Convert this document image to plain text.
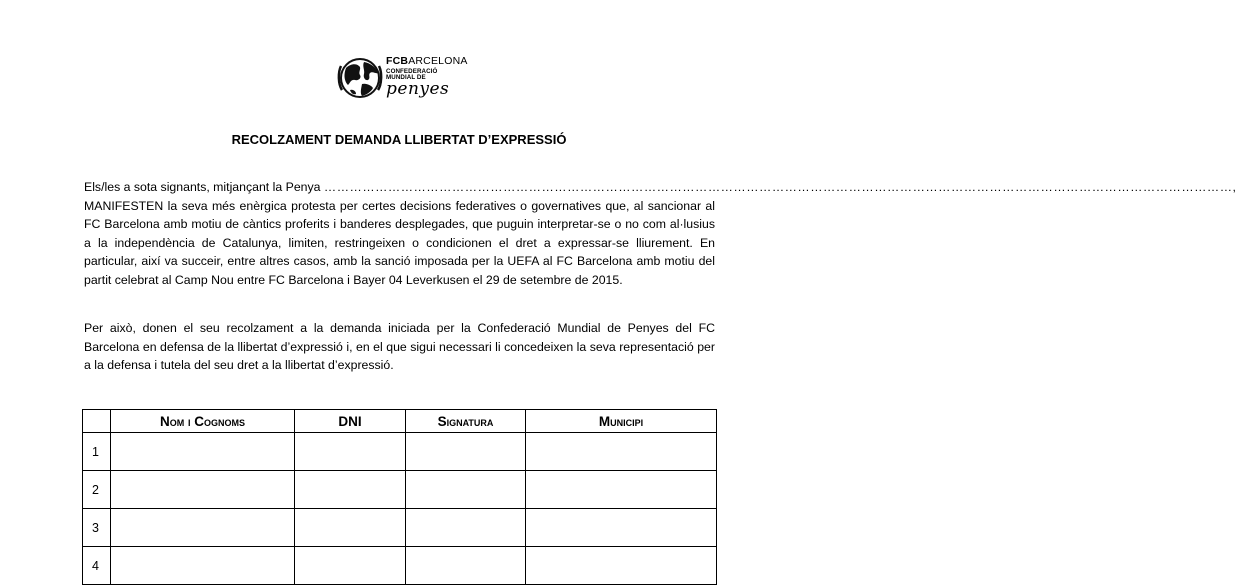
FCBARCELONA
CONFEDERACIÓ MUNDIAL DE
penyes
RECOLZAMENT DEMANDA LLIBERTAT D’EXPRESSIÓ
Els/les a sota signants, mitjançant la Penya …………………………………………………………………………………………………………………………………………………………………………………………… ,
MANIFESTEN la seva més enèrgica protesta per certes decisions federatives o governatives que, al sancionar al FC Barcelona amb motiu de càntics proferits i banderes desplegades, que puguin interpretar-se o no com al·lusius a la independència de Catalunya, limiten, restringeixen o condicionen el dret a expressar-se lliurement. En particular, així va succeir, entre altres casos, amb la sanció imposada per la UEFA al FC Barcelona amb motiu del partit celebrat al Camp Nou entre FC Barcelona i Bayer 04 Leverkusen el 29 de setembre de 2015.
Per això, donen el seu recolzament a la demanda iniciada per la Confederació Mundial de Penyes del FC Barcelona en defensa de la llibertat d’expressió i, en el que sigui necessari li concedeixen la seva representació per a la defensa i tutela del seu dret a la llibertat d’expressió.
	Nom i Cognoms	DNI	Signatura	Municipi
1				
2				
3				
4				
